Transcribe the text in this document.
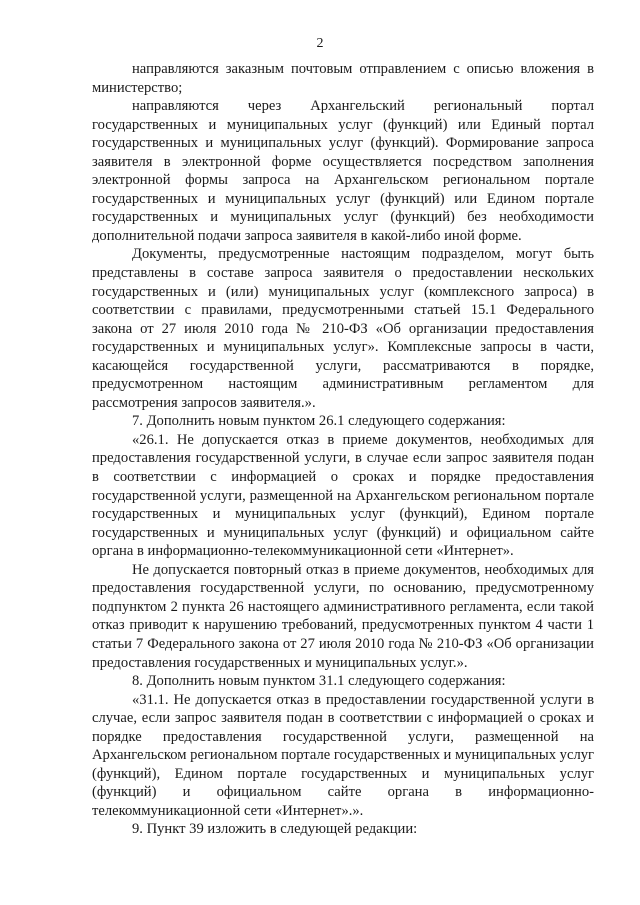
2

направляются заказным почтовым отправлением с описью вложения в министерство;

направляются через Архангельский региональный портал государственных и муниципальных услуг (функций) или Единый портал государственных и муниципальных услуг (функций). Формирование запроса заявителя в электронной форме осуществляется посредством заполнения электронной формы запроса на Архангельском региональном портале государственных и муниципальных услуг (функций) или Едином портале государственных и муниципальных услуг (функций) без необходимости дополнительной подачи запроса заявителя в какой-либо иной форме.

Документы, предусмотренные настоящим подразделом, могут быть представлены в составе запроса заявителя о предоставлении нескольких государственных и (или) муниципальных услуг (комплексного запроса) в соответствии с правилами, предусмотренными статьей 15.1 Федерального закона от 27 июля 2010 года № 210-ФЗ «Об организации предоставления государственных и муниципальных услуг». Комплексные запросы в части, касающейся государственной услуги, рассматриваются в порядке, предусмотренном настоящим административным регламентом для рассмотрения запросов заявителя.».

7. Дополнить новым пунктом 26.1 следующего содержания:

«26.1. Не допускается отказ в приеме документов, необходимых для предоставления государственной услуги, в случае если запрос заявителя подан в соответствии с информацией о сроках и порядке предоставления государственной услуги, размещенной на Архангельском региональном портале государственных и муниципальных услуг (функций), Едином портале государственных и муниципальных услуг (функций) и официальном сайте органа в информационно-телекоммуникационной сети «Интернет».

Не допускается повторный отказ в приеме документов, необходимых для предоставления государственной услуги, по основанию, предусмотренному подпунктом 2 пункта 26 настоящего административного регламента, если такой отказ приводит к нарушению требований, предусмотренных пунктом 4 части 1 статьи 7 Федерального закона от 27 июля 2010 года № 210-ФЗ «Об организации предоставления государственных и муниципальных услуг.».

8. Дополнить новым пунктом 31.1 следующего содержания:

«31.1. Не допускается отказ в предоставлении государственной услуги в случае, если запрос заявителя подан в соответствии с информацией о сроках и порядке предоставления государственной услуги, размещенной на Архангельском региональном портале государственных и муниципальных услуг (функций), Едином портале государственных и муниципальных услуг (функций) и официальном сайте органа в информационно-телекоммуникационной сети «Интернет».».

9. Пункт 39 изложить в следующей редакции:
